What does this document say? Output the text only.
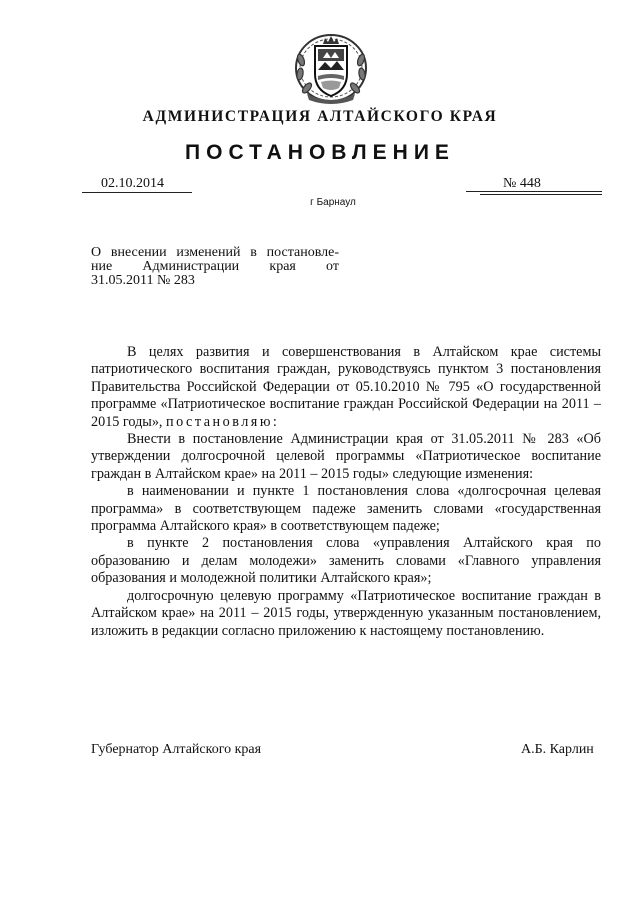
АДМИНИСТРАЦИЯ АЛТАЙСКОГО КРАЯ
ПОСТАНОВЛЕНИЕ
02.10.2014	№ 448
г Барнаул
О внесении изменений в постановле-
ние Администрации края от
31.05.2011 № 283

В целях развития и совершенствования в Алтайском крае системы патриотического воспитания граждан, руководствуясь пунктом 3 постановления Правительства Российской Федерации от 05.10.2010 № 795 «О государственной программе «Патриотическое воспитание граждан Российской Федерации на 2011 – 2015 годы», постановляю:

Внести в постановление Администрации края от 31.05.2011 № 283 «Об утверждении долгосрочной целевой программы «Патриотическое воспитание граждан в Алтайском крае» на 2011 – 2015 годы» следующие изменения:

в наименовании и пункте 1 постановления слова «долгосрочная целевая программа» в соответствующем падеже заменить словами «государственная программа Алтайского края» в соответствующем падеже;

в пункте 2 постановления слова «управления Алтайского края по образованию и делам молодежи» заменить словами «Главного управления образования и молодежной политики Алтайского края»;

долгосрочную целевую программу «Патриотическое воспитание граждан в Алтайском крае» на 2011 – 2015 годы, утвержденную указанным постановлением, изложить в редакции согласно приложению к настоящему постановлению.

Губернатор Алтайского края	А.Б. Карлин
